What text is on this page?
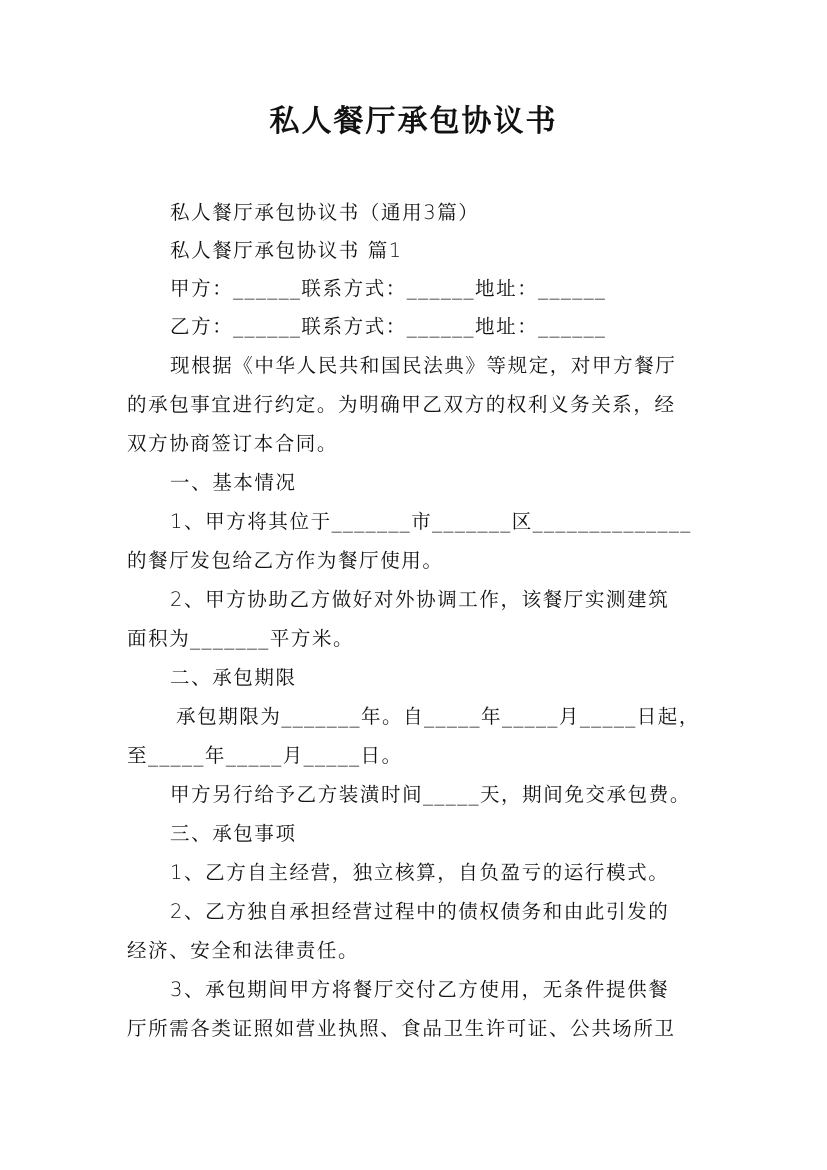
私人餐厅承包协议书
私人餐厅承包协议书（通用3篇）
私人餐厅承包协议书 篇1
甲方：______联系方式：______地址：______
乙方：______联系方式：______地址：______
现根据《中华人民共和国民法典》等规定，对甲方餐厅
的承包事宜进行约定。为明确甲乙双方的权利义务关系，经
双方协商签订本合同。
一、基本情况
1、甲方将其位于_______市_______区______________
的餐厅发包给乙方作为餐厅使用。
2、甲方协助乙方做好对外协调工作，该餐厅实测建筑
面积为_______平方米。
二、承包期限
承包期限为_______年。自_____年_____月_____日起，
至_____年_____月_____日。
甲方另行给予乙方装潢时间_____天，期间免交承包费。
三、承包事项
1、乙方自主经营，独立核算，自负盈亏的运行模式。
2、乙方独自承担经营过程中的债权债务和由此引发的
经济、安全和法律责任。
3、承包期间甲方将餐厅交付乙方使用，无条件提供餐
厅所需各类证照如营业执照、食品卫生许可证、公共场所卫
